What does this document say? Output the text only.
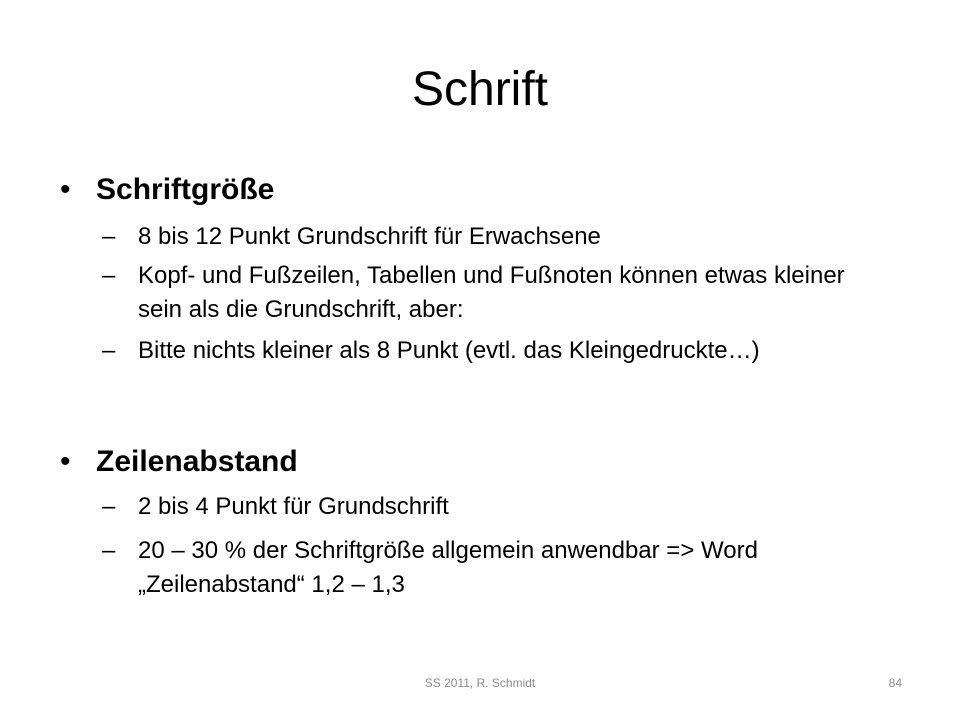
Schrift
• Schriftgröße
– 8 bis 12 Punkt Grundschrift für Erwachsene
– Kopf- und Fußzeilen, Tabellen und Fußnoten können etwas kleiner sein als die Grundschrift, aber:
– Bitte nichts kleiner als 8 Punkt (evtl. das Kleingedruckte…)
• Zeilenabstand
– 2 bis 4 Punkt für Grundschrift
– 20 – 30 % der Schriftgröße allgemein anwendbar => Word „Zeilenabstand“ 1,2 – 1,3
SS 2011, R. Schmidt	84
